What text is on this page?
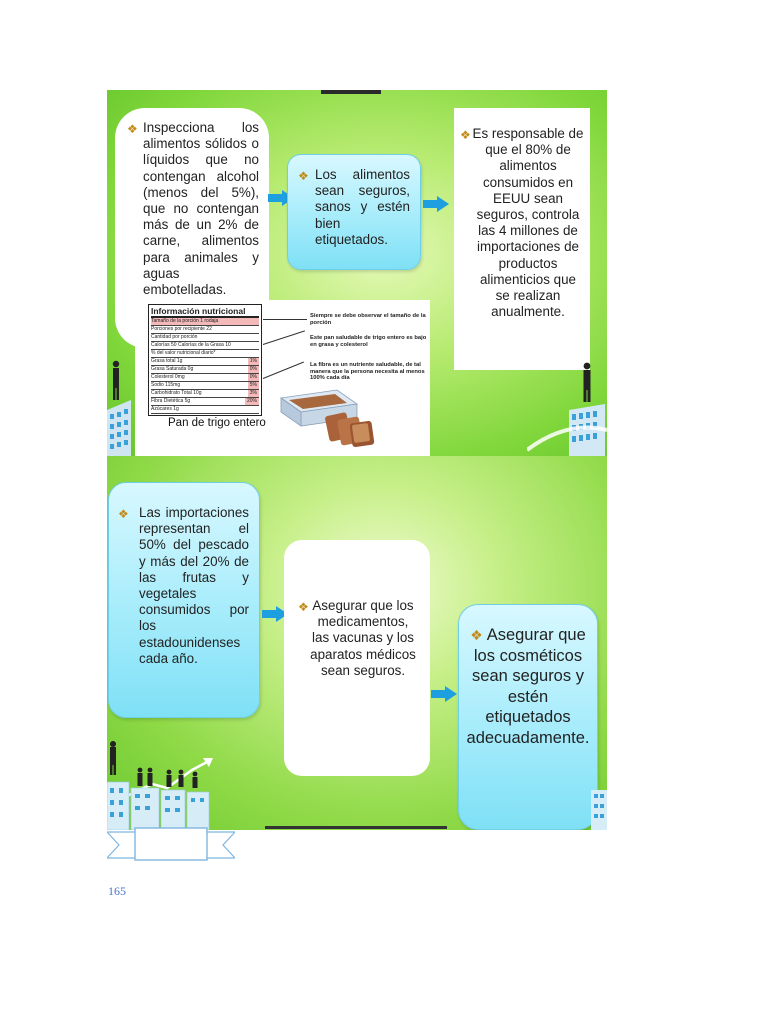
❖ Inspecciona los alimentos sólidos o líquidos que no contengan alcohol (menos del 5%), que no contengan más de un 2% de carne, alimentos para animales y aguas embotelladas.
❖ Los alimentos sean seguros, sanos y estén bien etiquetados.
❖ Es responsable de que el 80% de alimentos consumidos en EEUU sean seguros, controla las 4 millones de importaciones de productos alimenticios que se realizan anualmente.
Información nutricional
Tamaño de la porción 1 rodaja
Porciones por recipiente 22
Cantidad por porción
Calorías 50 Calorías de la Grasa 10
% del valor nutricional diario*
Grasa total 1g	1%
Grasa Saturada 0g	0%
Colesterol 0mg	0%
Sodio 115mg	5%
Carbohidrato Total 10g	3%
Fibra Dietética 5g	20%
Azúcares 1g
Siempre se debe observar el tamaño de la porción
Este pan saludable de trigo entero es bajo en grasa y colesterol
La fibra es un nutriente saludable, de tal manera que la persona necesita al menos 100% cada día
Pan de trigo entero
❖ Las importaciones representan el 50% del pescado y más del 20% de las frutas y vegetales consumidos por los estadounidenses cada año.
❖ Asegurar que los medicamentos, las vacunas y los aparatos médicos sean seguros.
❖ Asegurar que los cosméticos sean seguros y estén etiquetados adecuadamente.
165
